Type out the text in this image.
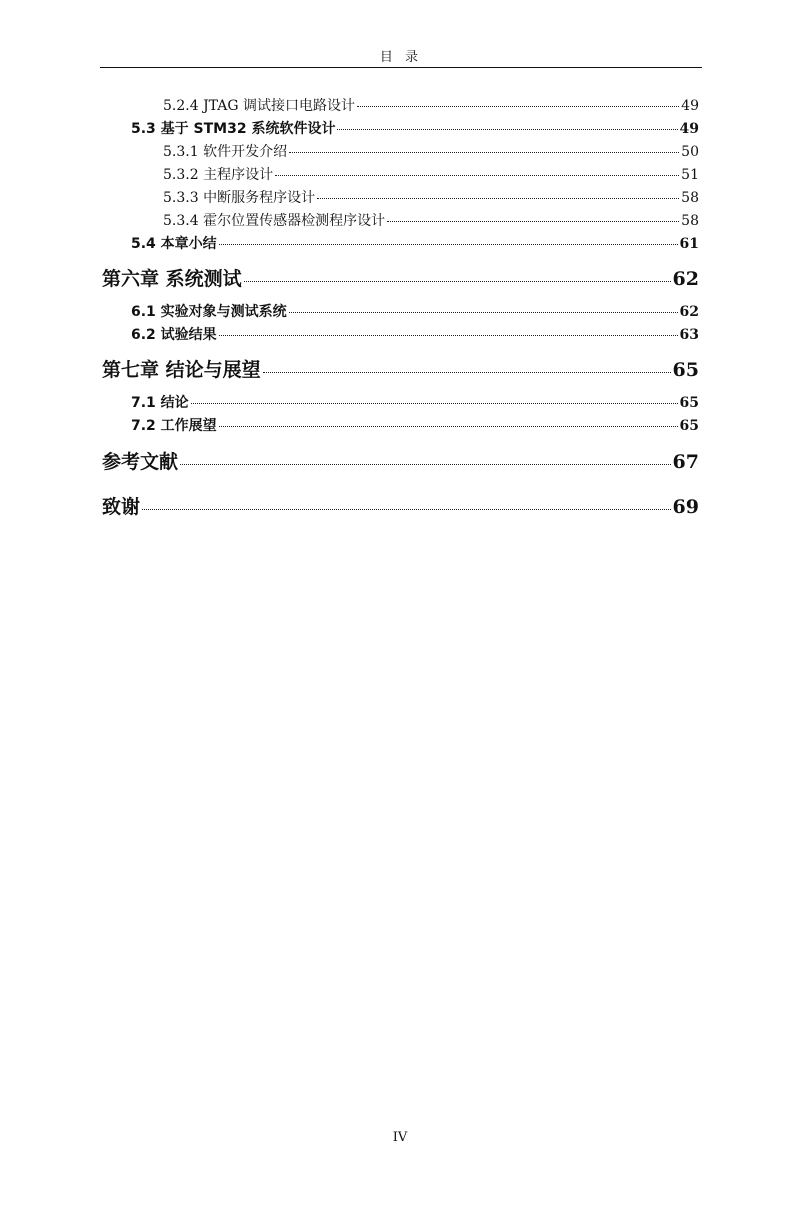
目 录
5.2.4 JTAG 调试接口电路设计	49
5.3 基于 STM32 系统软件设计	49
5.3.1 软件开发介绍	50
5.3.2 主程序设计	51
5.3.3 中断服务程序设计	58
5.3.4 霍尔位置传感器检测程序设计	58
5.4 本章小结	61
第六章 系统测试	62
6.1 实验对象与测试系统	62
6.2 试验结果	63
第七章 结论与展望	65
7.1 结论	65
7.2 工作展望	65
参考文献	67
致谢	69
IV
